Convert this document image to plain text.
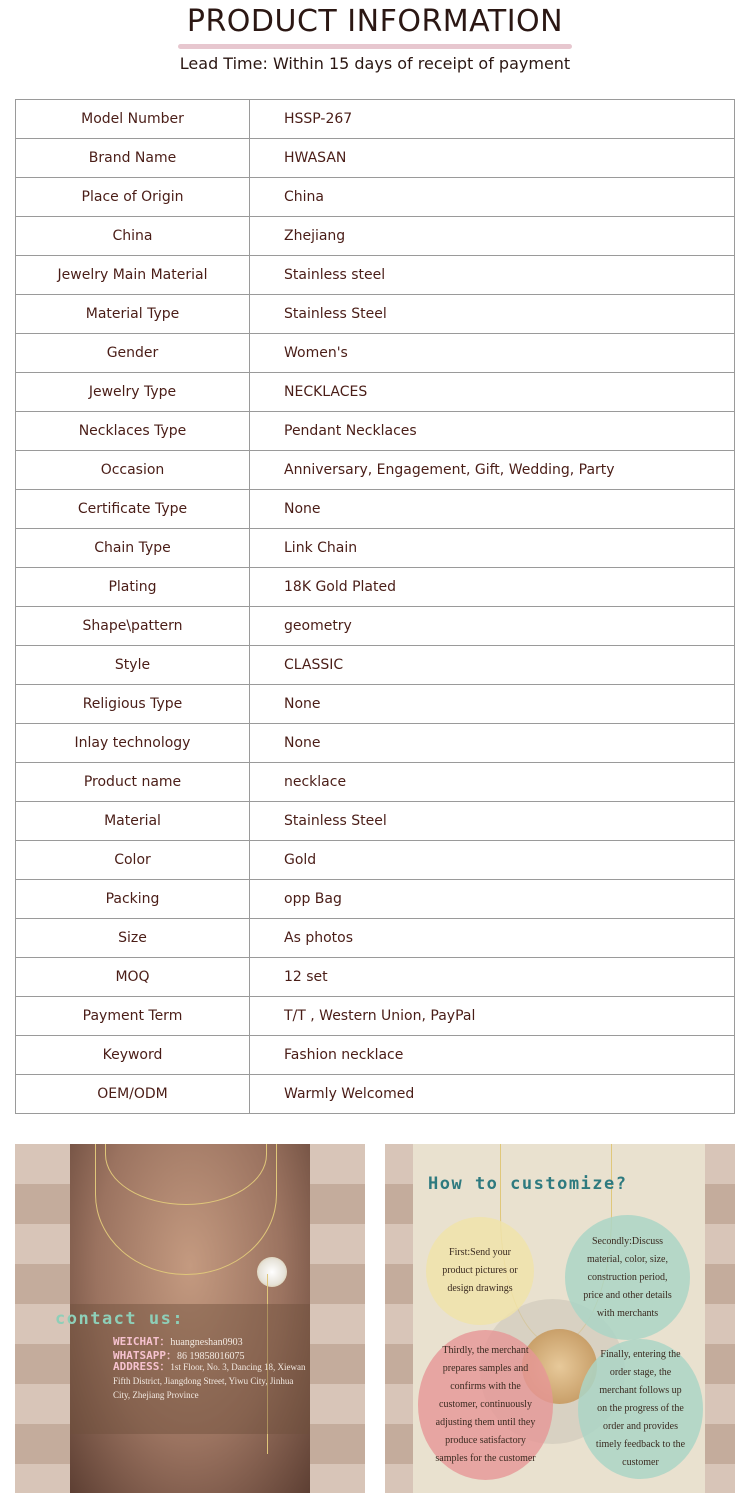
PRODUCT INFORMATION
Lead Time: Within 15 days of receipt of payment
Model Number	HSSP-267
Brand Name	HWASAN
Place of Origin	China
China	Zhejiang
Jewelry Main Material	Stainless steel
Material Type	Stainless Steel
Gender	Women's
Jewelry Type	NECKLACES
Necklaces Type	Pendant Necklaces
Occasion	Anniversary, Engagement, Gift, Wedding, Party
Certificate Type	None
Chain Type	Link Chain
Plating	18K Gold Plated
Shape\pattern	geometry
Style	CLASSIC
Religious Type	None
Inlay technology	None
Product name	necklace
Material	Stainless Steel
Color	Gold
Packing	opp Bag
Size	As photos
MOQ	12 set
Payment Term	T/T , Western Union, PayPal
Keyword	Fashion necklace
OEM/ODM	Warmly Welcomed
contact us:
WEICHAT：huangneshan0903
WHATSAPP：86 19858016075
ADDRESS：1st Floor, No. 3, Dancing 18, Xiewan Fifth District, Jiangdong Street, Yiwu City, Jinhua City, Zhejiang Province
How to customize?
First:Send your product pictures or design drawings
Secondly:Discuss material, color, size, construction period, price and other details with merchants
Thirdly, the merchant prepares samples and confirms with the customer, continuously adjusting them until they produce satisfactory samples for the customer
Finally, entering the order stage, the merchant follows up on the progress of the order and provides timely feedback to the customer
